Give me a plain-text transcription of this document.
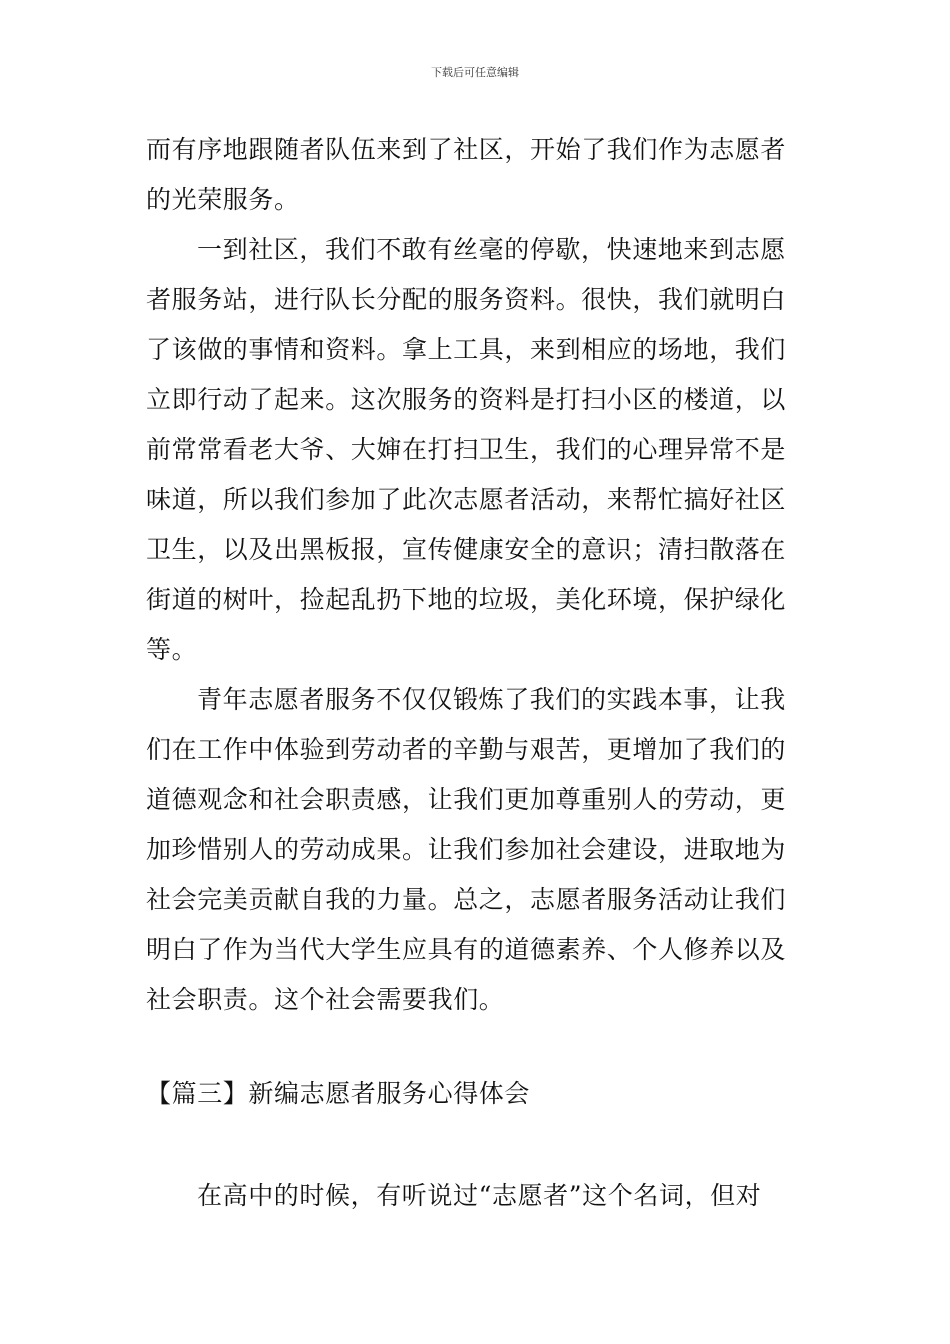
下载后可任意编辑
而有序地跟随者队伍来到了社区，开始了我们作为志愿者
的光荣服务。
一到社区，我们不敢有丝毫的停歇，快速地来到志愿
者服务站，进行队长分配的服务资料。很快，我们就明白
了该做的事情和资料。拿上工具，来到相应的场地，我们
立即行动了起来。这次服务的资料是打扫小区的楼道，以
前常常看老大爷、大婶在打扫卫生，我们的心理异常不是
味道，所以我们参加了此次志愿者活动，来帮忙搞好社区
卫生，以及出黑板报，宣传健康安全的意识；清扫散落在
街道的树叶，捡起乱扔下地的垃圾，美化环境，保护绿化
等。
青年志愿者服务不仅仅锻炼了我们的实践本事，让我
们在工作中体验到劳动者的辛勤与艰苦，更增加了我们的
道德观念和社会职责感，让我们更加尊重别人的劳动，更
加珍惜别人的劳动成果。让我们参加社会建设，进取地为
社会完美贡献自我的力量。总之，志愿者服务活动让我们
明白了作为当代大学生应具有的道德素养、个人修养以及
社会职责。这个社会需要我们。
【篇三】新编志愿者服务心得体会
在高中的时候，有听说过“志愿者”这个名词，但对
